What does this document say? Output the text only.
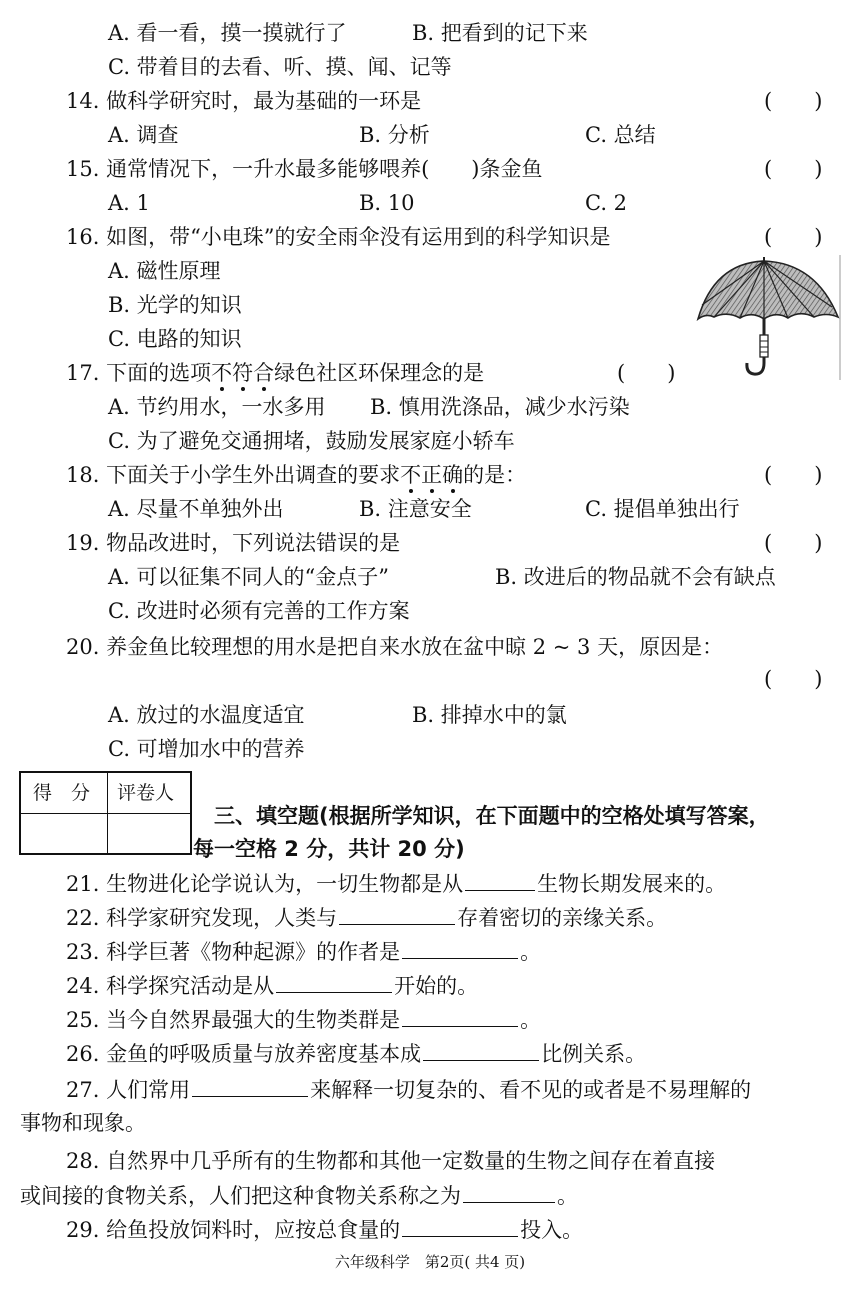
A. 看一看，摸一摸就行了	B. 把看到的记下来
C. 带着目的去看、听、摸、闻、记等
14. 做科学研究时，最为基础的一环是	(　　)
A. 调查	B. 分析	C. 总结
15. 通常情况下，一升水最多能够喂养(　　)条金鱼	(　　)
A. 1	B. 10	C. 2
16. 如图，带“小电珠”的安全雨伞没有运用到的科学知识是	(　　)
A. 磁性原理
B. 光学的知识
C. 电路的知识
17. 下面的选项不符合绿色社区环保理念的是	(　　)
A. 节约用水，一水多用 B. 慎用洗涤品，减少水污染
C. 为了避免交通拥堵，鼓励发展家庭小轿车
18. 下面关于小学生外出调查的要求不正确的是：	(　　)
A. 尽量不单独外出	B. 注意安全	C. 提倡单独出行
19. 物品改进时，下列说法错误的是	(　　)
A. 可以征集不同人的“金点子”	B. 改进后的物品就不会有缺点
C. 改进时必须有完善的工作方案
20. 养金鱼比较理想的用水是把自来水放在盆中晾 2 ~ 3 天，原因是：
(　　)
A. 放过的水温度适宜	B. 排掉水中的氯
C. 可增加水中的营养
得　分 评卷人
三、填空题(根据所学知识，在下面题中的空格处填写答案，
每一空格 2 分，共计 20 分)
21. 生物进化论学说认为，一切生物都是从	生物长期发展来的。
22. 科学家研究发现，人类与	存着密切的亲缘关系。
23. 科学巨著《物种起源》的作者是	。
24. 科学探究活动是从	开始的。
25. 当今自然界最强大的生物类群是	。
26. 金鱼的呼吸质量与放养密度基本成	比例关系。
27. 人们常用	来解释一切复杂的、看不见的或者是不易理解的
事物和现象。
28. 自然界中几乎所有的生物都和其他一定数量的生物之间存在着直接
或间接的食物关系，人们把这种食物关系称之为	。
29. 给鱼投放饲料时，应按总食量的	投入。
六年级科学　第2页( 共4 页)
